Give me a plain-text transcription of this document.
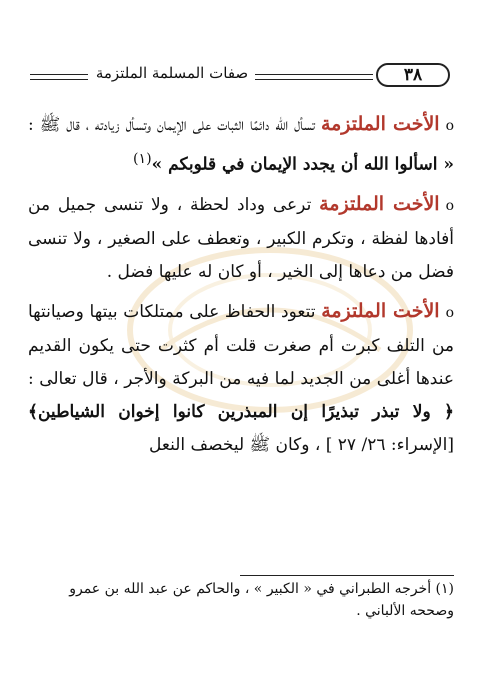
صفات المسلمة الملتزمة	٣٨

oالأخت الملتزمة تسأل الله دائمًا الثبات على الإيمان وتسأل زيادته ، قال ﷺ : « اسألوا الله أن يجدد الإيمان في قلوبكم »$^{(١)}$

oالأخت الملتزمة ترعى وداد لحظة ، ولا تنسى جميل من أفادها لفظة ، وتكرم الكبير ، وتعطف على الصغير ، ولا تنسى فضل من دعاها إلى الخير ، أو كان له عليها فضل .

oالأخت الملتزمة تتعود الحفاظ على ممتلكات بيتها وصيانتها من التلف كبرت أم صغرت قلت أم كثرت حتى يكون القديم عندها أغلى من الجديد لما فيه من البركة والأجر ، قال تعالى : ﴿ ولا تبذر تبذيرًا إن المبذرين كانوا إخوان الشياطين﴾ [الإسراء: ٢٦/ ٢٧ ] ، وكان ﷺ ليخصف النعل

(١) أخرجه الطبراني في « الكبير » ، والحاكم عن عبد الله بن عمرو وصححه الألباني .
